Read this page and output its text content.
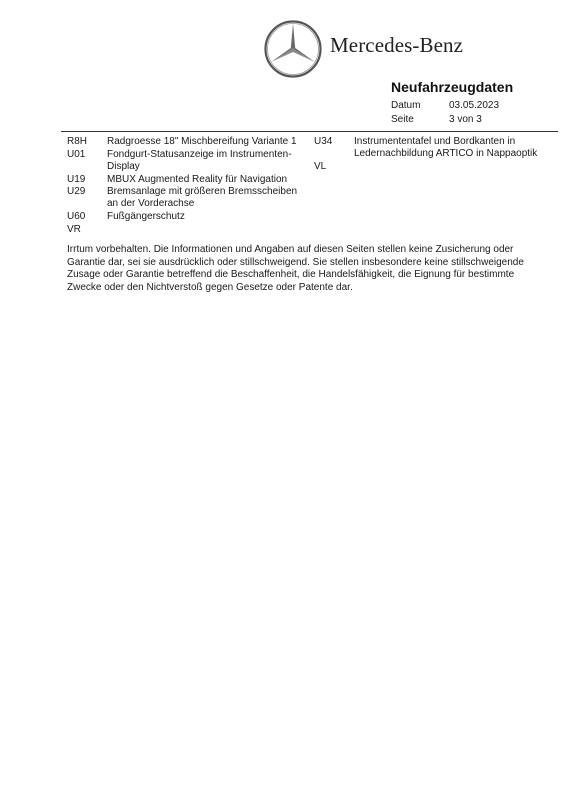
Mercedes-Benz
Neufahrzeugdaten
Datum	03.05.2023
Seite	3 von 3
R8H Radgroesse 18" Mischbereifung Variante 1
U01 Fondgurt-Statusanzeige im Instrumenten-Display
U19 MBUX Augmented Reality für Navigation
U29 Bremsanlage mit größeren Bremsscheiben an der Vorderachse
U60 Fußgängerschutz
VR
U34 Instrumententafel und Bordkanten in Ledernachbildung ARTICO in Nappaoptik
VL
Irrtum vorbehalten. Die Informationen und Angaben auf diesen Seiten stellen keine Zusicherung oder Garantie dar, sei sie ausdrücklich oder stillschweigend. Sie stellen insbesondere keine stillschweigende Zusage oder Garantie betreffend die Beschaffenheit, die Handelsfähigkeit, die Eignung für bestimmte Zwecke oder den Nichtverstoß gegen Gesetze oder Patente dar.
